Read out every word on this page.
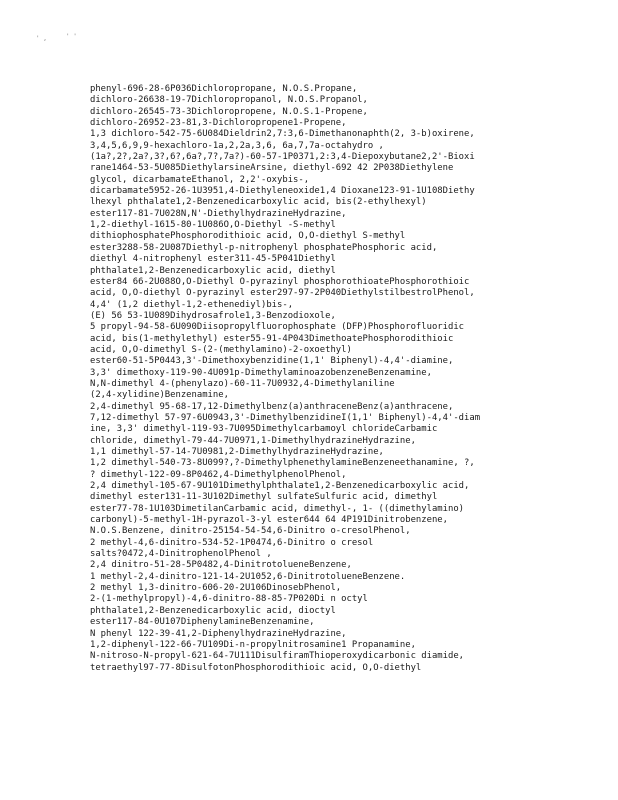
' ,	' '
phenyl-696-28-6P036Dichloropropane, N.O.S.Propane,
dichloro-26638-19-7Dichloropropanol, N.O.S.Propanol,
dichloro-26545-73-3Dichloropropene, N.O.S.1-Propene,
dichloro-26952-23-81,3-Dichloropropene1-Propene,
1,3 dichloro-542-75-6U084Dieldrin2,7:3,6-Dimethanonaphth(2, 3-b)oxirene,
3,4,5,6,9,9-hexachloro-1a,2,2a,3,6, 6a,7,7a-octahydro ,
(1a?,2?,2a?,3?,6?,6a?,7?,7a?)-60-57-1P0371,2:3,4-Diepoxybutane2,2'-Bioxi
rane1464-53-5U085DiethylarsineArsine, diethyl-692 42 2P038Diethylene
glycol, dicarbamateEthanol, 2,2'-oxybis-,
dicarbamate5952-26-1U3951,4-Diethyleneoxide1,4 Dioxane123-91-1U108Diethy
lhexyl phthalate1,2-Benzenedicarboxylic acid, bis(2-ethylhexyl)
ester117-81-7U028N,N'-DiethylhydrazineHydrazine,
1,2-diethyl-1615-80-1U086O,O-Diethyl -S-methyl
dithiophosphatePhosphorodithioic acid, O,O-diethyl S-methyl
ester3288-58-2U087Diethyl-p-nitrophenyl phosphatePhosphoric acid,
diethyl 4-nitrophenyl ester311-45-5P041Diethyl
phthalate1,2-Benzenedicarboxylic acid, diethyl
ester84 66-2U088O,O-Diethyl O-pyrazinyl phosphorothioatePhosphorothioic
acid, O,O-diethyl O-pyrazinyl ester297-97-2P040DiethylstilbestrolPhenol,
4,4' (1,2 diethyl-1,2-ethenediyl)bis-,
(E) 56 53-1U089Dihydrosafrole1,3-Benzodioxole,
5 propyl-94-58-6U090Diisopropylfluorophosphate (DFP)Phosphorofluoridic
acid, bis(1-methylethyl) ester55-91-4P043DimethoatePhosphorodithioic
acid, O,O-dimethyl S-(2-(methylamino)-2-oxoethyl)
ester60-51-5P0443,3'-Dimethoxybenzidine(1,1' Biphenyl)-4,4'-diamine,
3,3' dimethoxy-119-90-4U091p-DimethylaminoazobenzeneBenzenamine,
N,N-dimethyl 4-(phenylazo)-60-11-7U0932,4-Dimethylaniline
(2,4-xylidine)Benzenamine,
2,4-dimethyl 95-68-17,12-Dimethylbenz(a)anthraceneBenz(a)anthracene,
7,12-dimethyl 57-97-6U0943,3'-DimethylbenzidineI(1,1' Biphenyl)-4,4'-diam
ine, 3,3' dimethyl-119-93-7U095Dimethylcarbamoyl chlorideCarbamic
chloride, dimethyl-79-44-7U0971,1-DimethylhydrazineHydrazine,
1,1 dimethyl-57-14-7U0981,2-DimethylhydrazineHydrazine,
1,2 dimethyl-540-73-8U099?,?-DimethylphenethylamineBenzeneethanamine, ?,
? dimethyl-122-09-8P0462,4-DimethylphenolPhenol,
2,4 dimethyl-105-67-9U101Dimethylphthalate1,2-Benzenedicarboxylic acid,
dimethyl ester131-11-3U102Dimethyl sulfateSulfuric acid, dimethyl
ester77-78-1U103DimetilanCarbamic acid, dimethyl-, 1- ((dimethylamino)
carbonyl)-5-methyl-1H-pyrazol-3-yl ester644 64 4P191Dinitrobenzene,
N.O.S.Benzene, dinitro-25154-54-54,6-Dinitro o-cresolPhenol,
2 methyl-4,6-dinitro-534-52-1P0474,6-Dinitro o cresol
salts?0472,4-DinitrophenolPhenol ,
2,4 dinitro-51-28-5P0482,4-DinitrotolueneBenzene,
1 methyl-2,4-dinitro-121-14-2U1052,6-DinitrotolueneBenzene.
2 methyl 1,3-dinitro-606-20-2U106DinosebPhenol,
2-(1-methylpropyl)-4,6-dinitro-88-85-7P020Di n octyl
phthalate1,2-Benzenedicarboxylic acid, dioctyl
ester117-84-0U107DiphenylamineBenzenamine,
N phenyl 122-39-41,2-DiphenylhydrazineHydrazine,
1,2-diphenyl-122-66-7U109Di-n-propylnitrosamine1 Propanamine,
N-nitroso-N-propyl-621-64-7U111DisulfiramThioperoxydicarbonic diamide,
tetraethyl97-77-8DisulfotonPhosphorodithioic acid, O,O-diethyl
